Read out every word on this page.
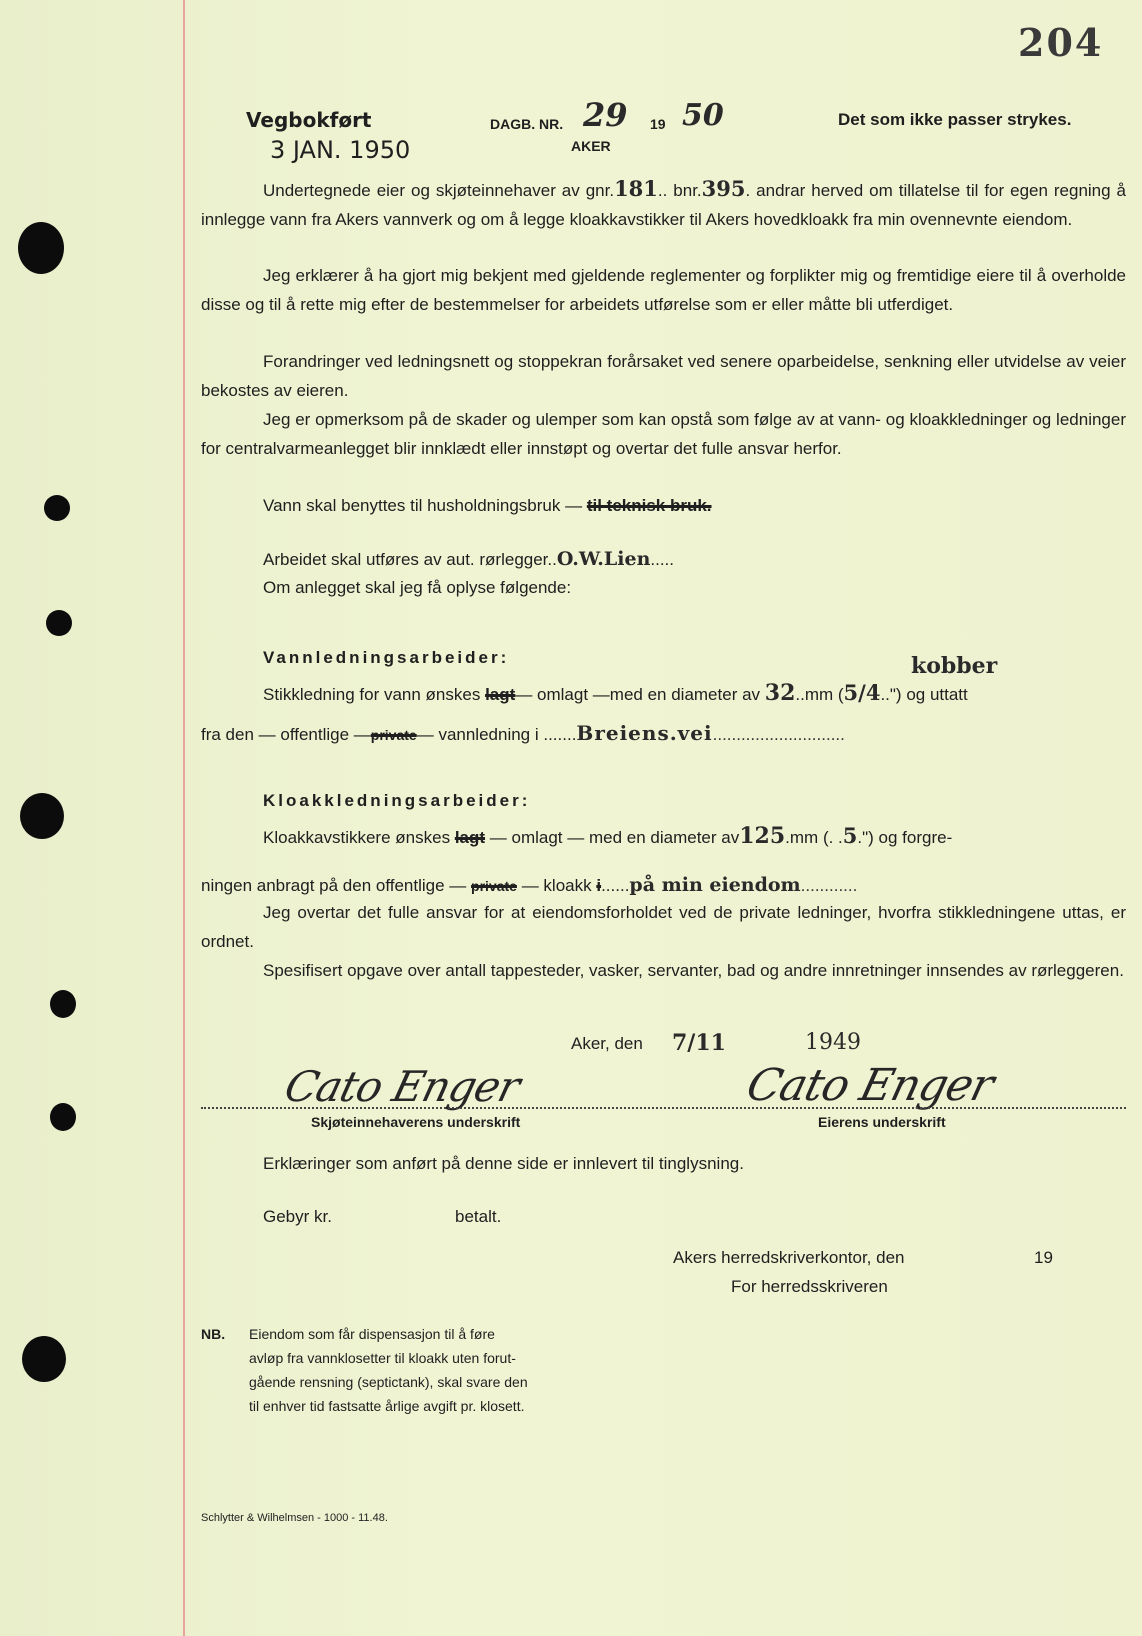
204
Vegbokført
3 JAN. 1950
DAGB. NR. 29 19 50
AKER
Det som ikke passer strykes.
Undertegnede eier og skjøteinnehaver av gnr.181.. bnr.395. andrar herved om tillatelse til for egen regning å innlegge vann fra Akers vannverk og om å legge kloakkavstikker til Akers hovedkloakk fra min ovennevnte eiendom.
Jeg erklærer å ha gjort mig bekjent med gjeldende reglementer og forplikter mig og fremtidige eiere til å overholde disse og til å rette mig efter de bestemmelser for arbeidets utførelse som er eller måtte bli utferdiget.
Forandringer ved ledningsnett og stoppekran forårsaket ved senere oparbeidelse, senkning eller utvidelse av veier bekostes av eieren.
Jeg er opmerksom på de skader og ulemper som kan opstå som følge av at vann- og kloakkledninger og ledninger for centralvarmeanlegget blir innklædt eller innstøpt og overtar det fulle ansvar herfor.
Vann skal benyttes til husholdningsbruk — til teknisk bruk.
Arbeidet skal utføres av aut. rørlegger..O.W.Lien.....
Om anlegget skal jeg få oplyse følgende:
Vannledningsarbeider:	kobber
Stikkledning for vann ønskes lagt— omlagt —med en diameter av 32..mm (5/4..") og uttatt
fra den — offentlige —private— vannledning i .......Breiens.vei............................
Kloakkledningsarbeider:
Kloakkavstikkere ønskes lagt — omlagt — med en diameter av125.mm (. .5.") og forgre-
ningen anbragt på den offentlige — private — kloakk i......på min eiendom............
Jeg overtar det fulle ansvar for at eiendomsforholdet ved de private ledninger, hvorfra stikkledningene uttas, er ordnet.
Spesifisert opgave over antall tappesteder, vasker, servanter, bad og andre innretninger innsendes av rørleggeren.
Aker, den 7/11	1949
Cato Enger	Cato Enger
Skjøteinnehaverens underskrift	Eierens underskrift
Erklæringer som anført på denne side er innlevert til tinglysning.
Gebyr kr.	betalt.
Akers herredskriverkontor, den	19
For herredsskriveren
NB. Eiendom som får dispensasjon til å føre
avløp fra vannklosetter til kloakk uten forut-
gående rensning (septictank), skal svare den
til enhver tid fastsatte årlige avgift pr. klosett.
Schlytter & Wilhelmsen - 1000 - 11.48.
